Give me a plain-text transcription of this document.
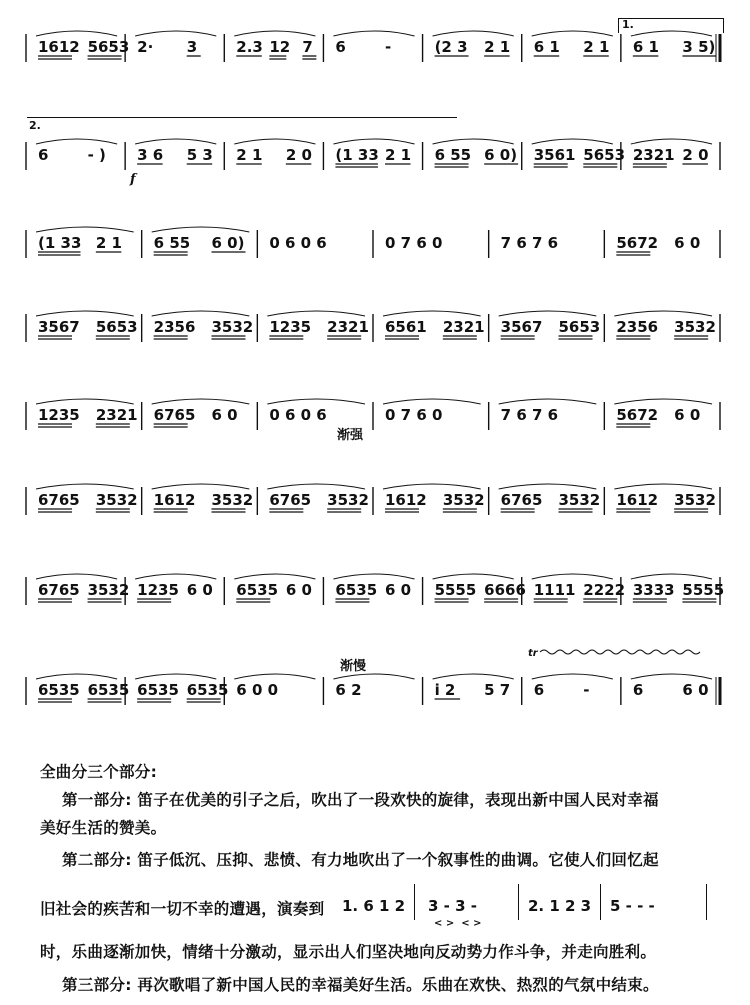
1612 5653 2· 3	2.3 12 7 6	-	(2 3 2 1 6 1 2 1 6 1 3 5)
6	- ) 3 6 5 3 2 1 2 0 (1 33 2 1 6 55 6 0) 3561 5653 2321 2 0
(1 33 2 1 6 55 6 0) 0 6 0 6	0 7 6 0	7 6 7 6	5672 6 0
3567 5653 2356 3532 1235 2321 6561 2321 3567 5653 2356 3532
1235 2321 6765 6 0 0 6 0 6	0 7 6 0	7 6 7 6	5672 6 0
6765 3532 1612 3532 6765 3532 1612 3532 6765 3532 1612 3532
6765 3532 1235 6 0 6535 6 0 6535 6 0 5555 6666 1111 2222 3333 5555
6535 6535 6535 6535 6 0 0	6 2	i 2 5 7 6	-	6	6 0
1.
2.
f
渐强
渐慢
tr
全曲分三个部分:
第一部分: 笛子在优美的引子之后，吹出了一段欢快的旋律，表现出新中国人民对幸福
美好生活的赞美。
第二部分: 笛子低沉、压抑、悲愤、有力地吹出了一个叙事性的曲调。它使人们回忆起
旧社会的疾苦和一切不幸的遭遇，演奏到	1. 6 1 2 3 - 3 -
< >  < >
2. 1 2 3 5 - - -
时，乐曲逐渐加快，情绪十分激动，显示出人们坚决地向反动势力作斗争，并走向胜利。
第三部分: 再次歌唱了新中国人民的幸福美好生活。乐曲在欢快、热烈的气氛中结束。
